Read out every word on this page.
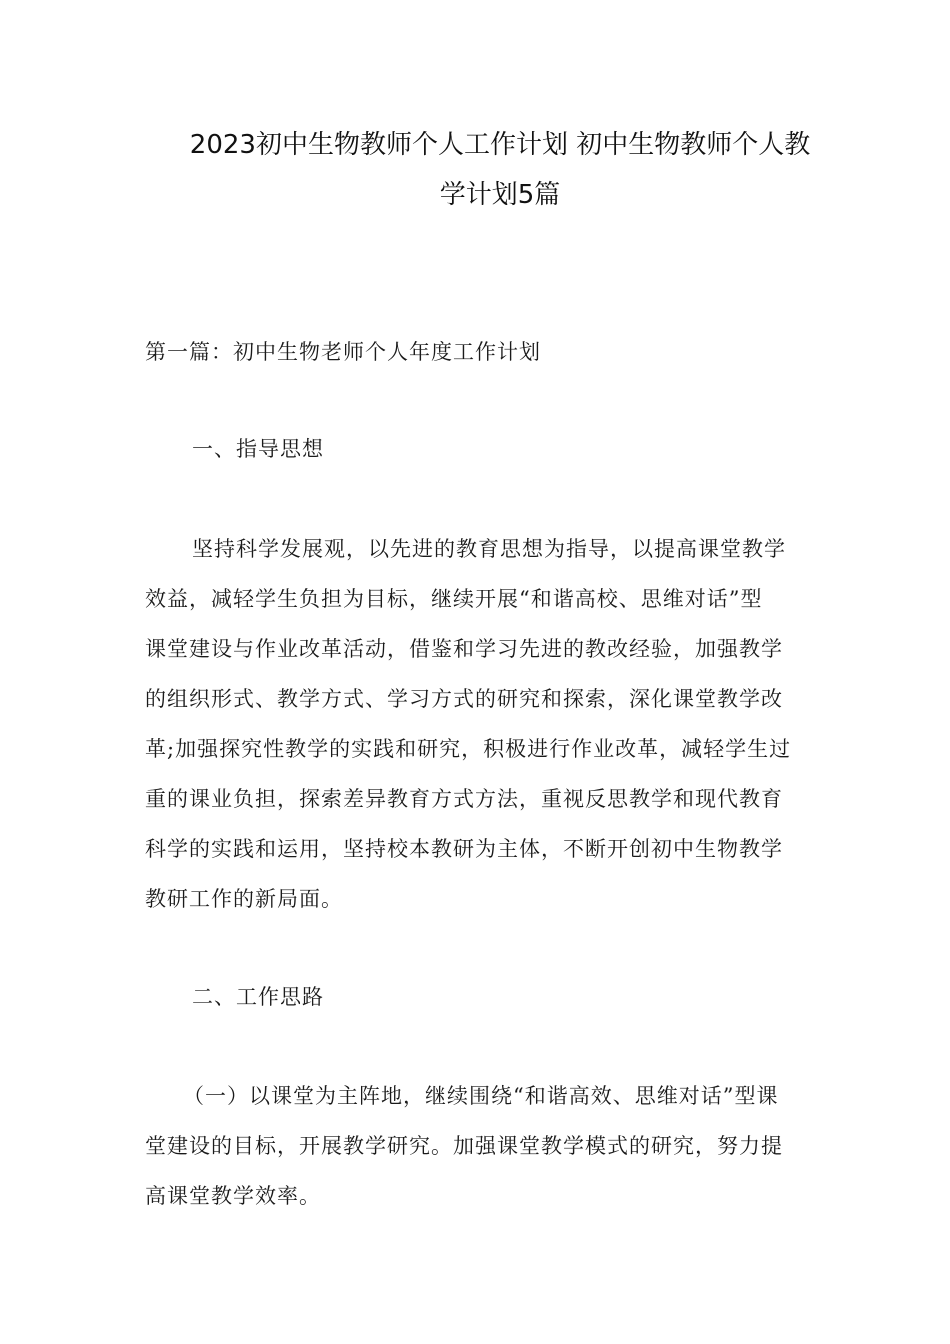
2023初中生物教师个人工作计划 初中生物教师个人教
学计划5篇
第一篇：初中生物老师个人年度工作计划
一、指导思想
坚持科学发展观，以先进的教育思想为指导，以提高课堂教学
效益，减轻学生负担为目标，继续开展“和谐高校、思维对话”型
课堂建设与作业改革活动，借鉴和学习先进的教改经验，加强教学
的组织形式、教学方式、学习方式的研究和探索，深化课堂教学改
革;加强探究性教学的实践和研究，积极进行作业改革，减轻学生过
重的课业负担，探索差异教育方式方法，重视反思教学和现代教育
科学的实践和运用，坚持校本教研为主体，不断开创初中生物教学
教研工作的新局面。
二、工作思路
（一）以课堂为主阵地，继续围绕“和谐高效、思维对话”型课
堂建设的目标，开展教学研究。加强课堂教学模式的研究，努力提
高课堂教学效率。
